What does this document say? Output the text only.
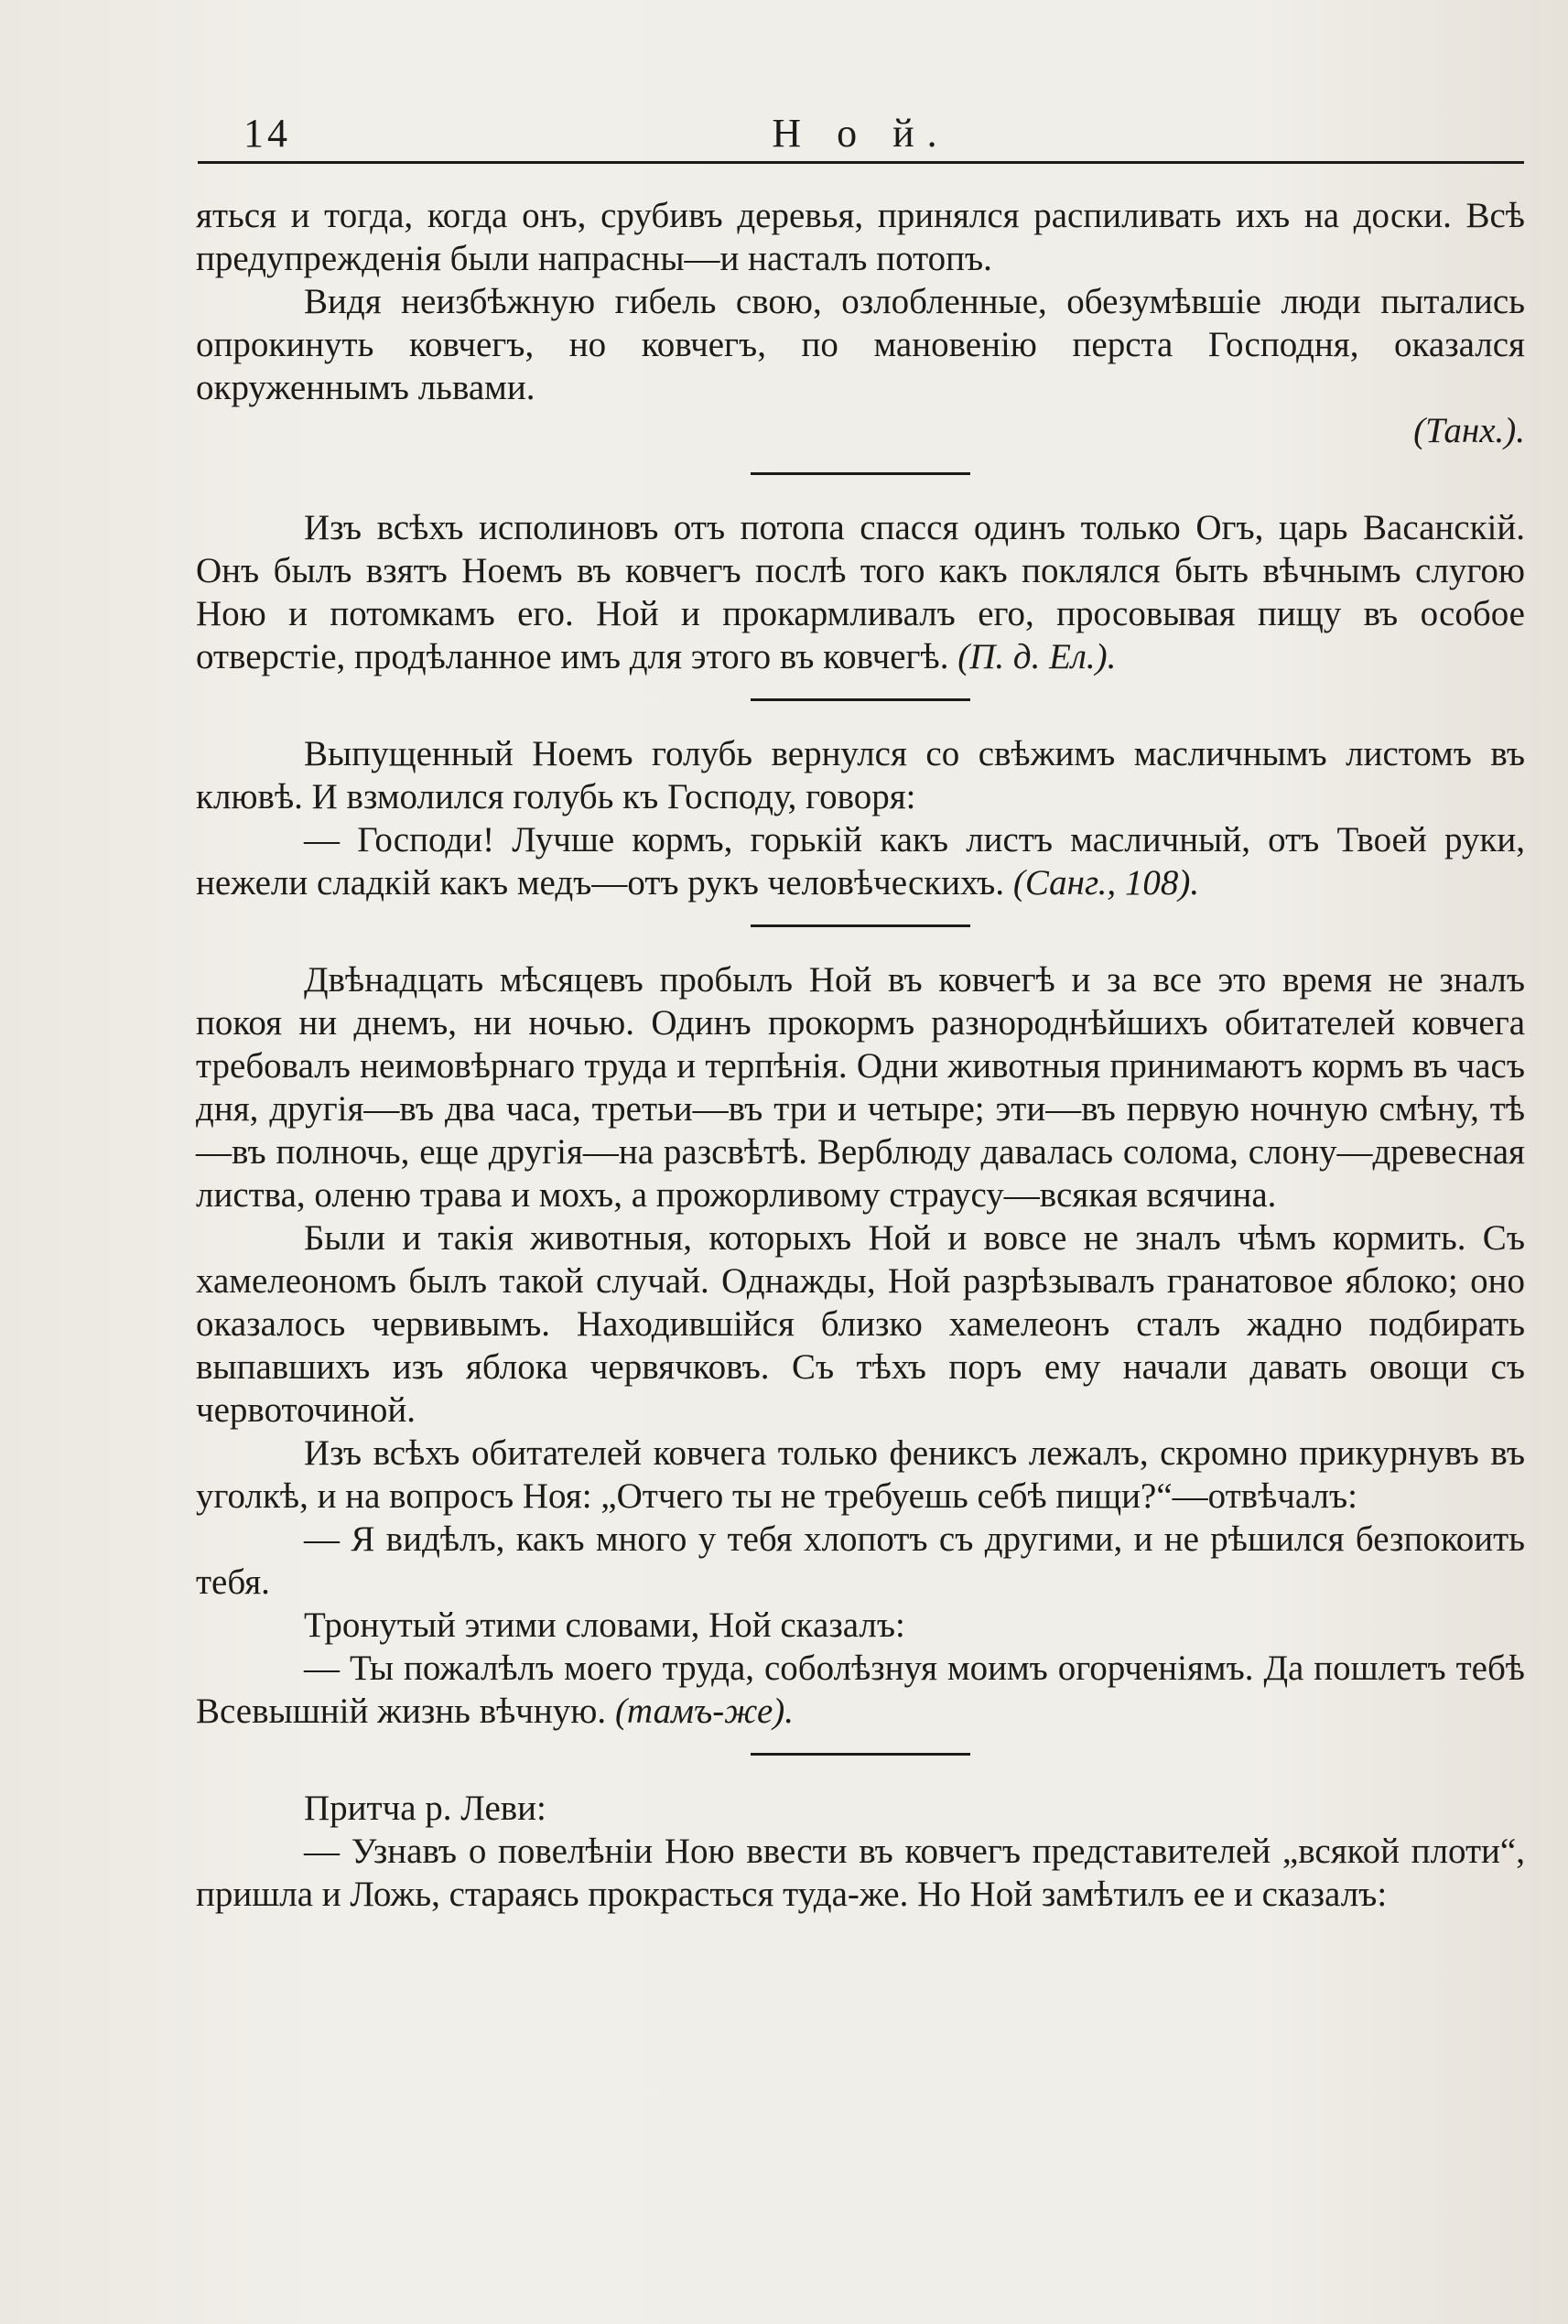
14	Н о й.

яться и тогда, когда онъ, срубивъ деревья, принялся распиливать ихъ на доски. Всѣ предупрежденія были напрасны—и насталъ потопъ.

Видя неизбѣжную гибель свою, озлобленные, обезумѣвшіе люди пытались опрокинуть ковчегъ, но ковчегъ, по мановенію перста Господня, оказался окруженнымъ львами.

(Танх.).

Изъ всѣхъ исполиновъ отъ потопа спасся одинъ только Огъ, царь Васанскій. Онъ былъ взятъ Ноемъ въ ковчегъ послѣ того какъ поклялся быть вѣчнымъ слугою Ною и потомкамъ его. Ной и прокармливалъ его, просовывая пищу въ особое отверстіе, продѣланное имъ для этого въ ковчегѣ. (П. д. Ел.).

Выпущенный Ноемъ голубь вернулся со свѣжимъ масличнымъ листомъ въ клювѣ. И взмолился голубь къ Господу, говоря:

— Господи! Лучше кормъ, горькій какъ листъ масличный, отъ Твоей руки, нежели сладкій какъ медъ—отъ рукъ человѣческихъ. (Санг., 108).

Двѣнадцать мѣсяцевъ пробылъ Ной въ ковчегѣ и за все это время не зналъ покоя ни днемъ, ни ночью. Одинъ прокормъ разнороднѣйшихъ обитателей ковчега требовалъ неимовѣрнаго труда и терпѣнія. Одни животныя принимаютъ кормъ въ часъ дня, другія—въ два часа, третьи—въ три и четыре; эти—въ первую ночную смѣну, тѣ—въ полночь, еще другія—на разсвѣтѣ. Верблюду давалась солома, слону—древесная листва, оленю трава и мохъ, а прожорливому страусу—всякая всячина.

Были и такія животныя, которыхъ Ной и вовсе не зналъ чѣмъ кормить. Съ хамелеономъ былъ такой случай. Однажды, Ной разрѣзывалъ гранатовое яблоко; оно оказалось червивымъ. Находившійся близко хамелеонъ сталъ жадно подбирать выпавшихъ изъ яблока червячковъ. Съ тѣхъ поръ ему начали давать овощи съ червоточиной.

Изъ всѣхъ обитателей ковчега только фениксъ лежалъ, скромно прикурнувъ въ уголкѣ, и на вопросъ Ноя: „Отчего ты не требуешь себѣ пищи?“—отвѣчалъ:

— Я видѣлъ, какъ много у тебя хлопотъ съ другими, и не рѣшился безпокоить тебя.

Тронутый этими словами, Ной сказалъ:

— Ты пожалѣлъ моего труда, соболѣзнуя моимъ огорченіямъ. Да пошлетъ тебѣ Всевышній жизнь вѣчную. (тамъ-же).

Притча р. Леви:

— Узнавъ о повелѣніи Ною ввести въ ковчегъ представителей „всякой плоти“, пришла и Ложь, стараясь прокрасться туда-же. Но Ной замѣтилъ ее и сказалъ:
